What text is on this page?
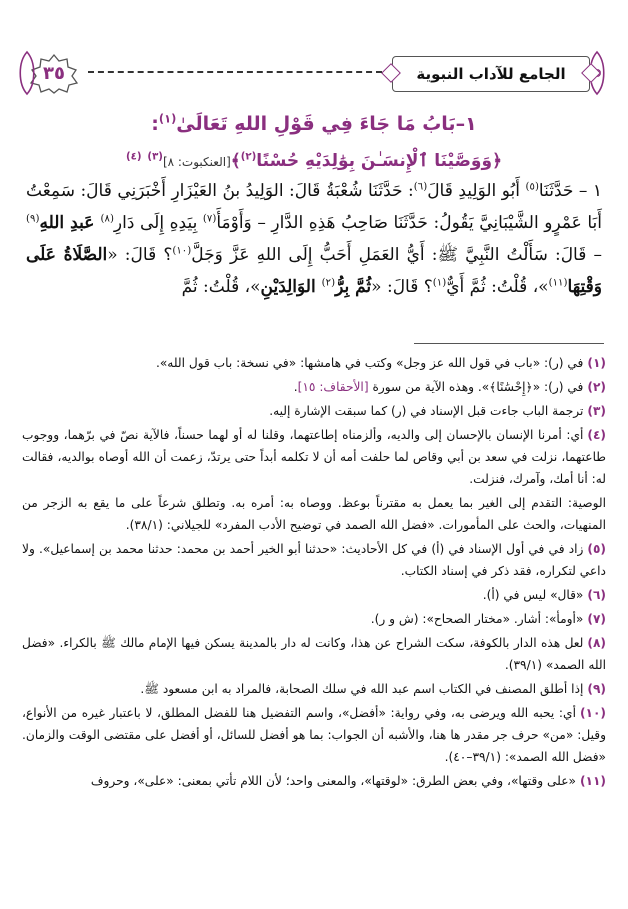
الجامع للآداب النبوية
٣٥
١–بَابُ مَا جَاءَ فِي قَوْلِ اللهِ تَعَالَىٰ$^{(١)}$:
﴿وَوَصَّيْنَا ٱلْإِنسَـٰنَ بِوَٰلِدَيْهِ حُسْنًا$^{(٢)}$﴾[العنكبوت: ٨]$^{(٣)}$ $^{(٤)}$
١ – حَدَّثَنَا$^{(٥)}$ أَبُو الوَلِيدِ قَالَ$^{(٦)}$: حَدَّثَنَا شُعْبَةُ قَالَ: الوَلِيدُ بنُ العَيْزَارِ أَخْبَرَنِي قَالَ: سَمِعْتُ أَبَا عَمْرٍو الشَّيْبَانِيَّ يَقُولُ: حَدَّثَنَا صَاحِبُ هَذِهِ الدَّارِ – وَأَوْمَأَ$^{(٧)}$ بِيَدِهِ إِلَى دَارِ$^{(٨)}$ عَبدِ اللهِ$^{(٩)}$ – قَالَ: سَأَلْتُ النَّبِيَّ ﷺ: أَيُّ العَمَلِ أَحَبُّ إِلَى اللهِ عَزَّ وَجَلَّ$^{(١٠)}$؟ قَالَ: «الصَّلَاةُ عَلَى وَقْتِهَا$^{(١١)}$»، قُلْتُ: ثُمَّ أَيٌّ$^{(١)}$؟ قَالَ: «ثُمَّ بِرُّ$^{(٢)}$ الوَالِدَيْنِ»، قُلْتُ: ثُمَّ
(١)في (ر): «باب في قول الله عز وجل» وكتب في هامشها: «في نسخة: باب قول الله».
(٢)في (ر): «﴿إِحْسَٰنًا﴾». وهذه الآية من سورة [الأحقاف: ١٥].
(٣)ترجمة الباب جاءت قبل الإسناد في (ر) كما سبقت الإشارة إليه.
(٤)أي: أمرنا الإنسان بالإحسان إلى والديه، وألزمناه إطاعتهما، وقلنا له أو لهما حسناً، فالآية نصّ في برّهما، ووجوب طاعتهما، نزلت في سعد بن أبي وقاص لما حلفت أمه أن لا تكلمه أبداً حتى يرتدّ، زعمت أن الله أوصاه بوالديه، فقالت له: أنا أمك، وآمرك، فنزلت.
الوصية: التقدم إلى الغير بما يعمل به مقترناً بوعظ. ووصاه به: أمره به. وتطلق شرعاً على ما يقع به الزجر من المنهيات، والحث على المأمورات. «فضل الله الصمد في توضيح الأدب المفرد» للجيلاني: (٣٨/١).
(٥)زاد في في أول الإسناد في (أ) في كل الأحاديث: «حدثنا أبو الخير أحمد بن محمد: حدثنا محمد بن إسماعيل». ولا داعي لتكراره، فقد ذكر في إسناد الكتاب.
(٦)«قال» ليس في (أ).
(٧)«أومأ»: أشار. «مختار الصحاح»: (ش و ر).
(٨)لعل هذه الدار بالكوفة، سكت الشراح عن هذا، وكانت له دار بالمدينة يسكن فيها الإمام مالك ﷺ بالكراء. «فضل الله الصمد» (٣٩/١).
(٩)إذا أطلق المصنف في الكتاب اسم عبد الله في سلك الصحابة، فالمراد به ابن مسعود ﷺ.
(١٠)أي: يحبه الله ويرضى به، وفي رواية: «أفضل»، واسم التفضيل هنا للفضل المطلق، لا باعتبار غيره من الأنواع، وقيل: «من» حرف جر مقدر ها هنا، والأشبه أن الجواب: بما هو أفضل للسائل، أو أفضل على مقتضى الوقت والزمان. «فضل الله الصمد»: (٣٩/١–٤٠).
(١١)«على وقتها»، وفي بعض الطرق: «لوقتها»، والمعنى واحد؛ لأن اللام تأتي بمعنى: «على»، وحروف
